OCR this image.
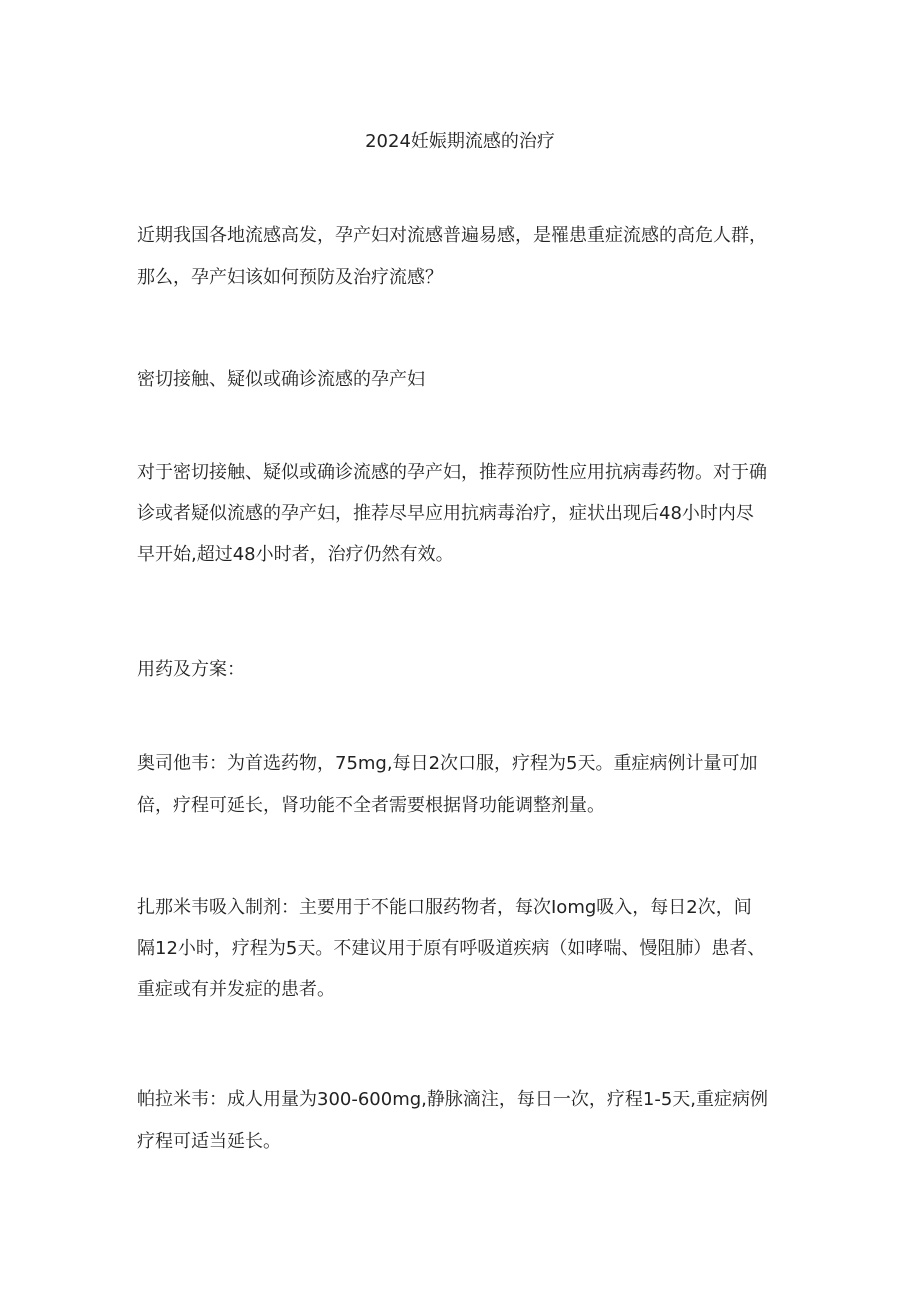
2024妊娠期流感的治疗
近期我国各地流感高发，孕产妇对流感普遍易感，是罹患重症流感的高危人群，
那么，孕产妇该如何预防及治疗流感？
密切接触、疑似或确诊流感的孕产妇
对于密切接触、疑似或确诊流感的孕产妇，推荐预防性应用抗病毒药物。对于确
诊或者疑似流感的孕产妇，推荐尽早应用抗病毒治疗，症状出现后48小时内尽
早开始,超过48小时者，治疗仍然有效。
用药及方案：
奥司他韦：为首选药物，75mg,每日2次口服，疗程为5天。重症病例计量可加
倍，疗程可延长，肾功能不全者需要根据肾功能调整剂量。
扎那米韦吸入制剂：主要用于不能口服药物者，每次Iomg吸入，每日2次，间
隔12小时，疗程为5天。不建议用于原有呼吸道疾病（如哮喘、慢阻肺）患者、
重症或有并发症的患者。
帕拉米韦：成人用量为300-600mg,静脉滴注，每日一次，疗程1-5天,重症病例
疗程可适当延长。
